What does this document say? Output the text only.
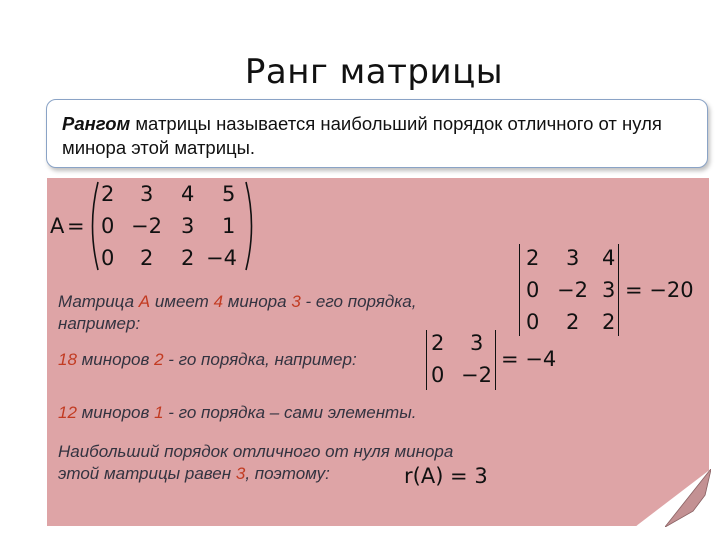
Ранг матрицы
Рангом матрицы называется наибольший порядок отличного от нуля минора этой матрицы.
A =
2 3 4 5
0 −2 3 1
0 2 2 −4	2 3 4
0 −2 3
0 2 2
= −20
Матрица А имеет 4 минора 3 - его порядка,
например:
18 миноров 2 - го порядка, например:
2 3
0 −2
= −4
12 миноров 1 - го порядка – сами элементы.
Наибольший порядок отличного от нуля минора
этой матрицы равен 3, поэтому:	r(A) = 3
